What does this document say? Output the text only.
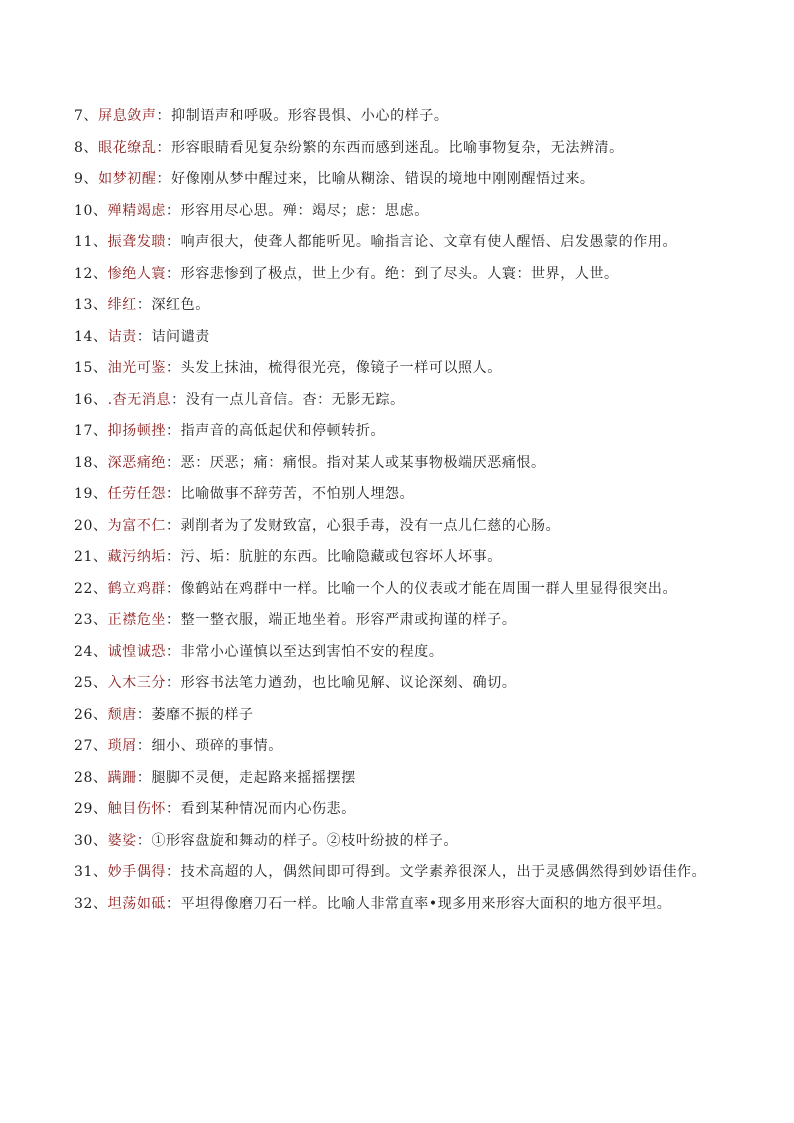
7、屏息敛声：抑制语声和呼吸。形容畏惧、小心的样子。
8、眼花缭乱：形容眼睛看见复杂纷繁的东西而感到迷乱。比喻事物复杂，无法辨清。
9、如梦初醒：好像刚从梦中醒过来，比喻从糊涂、错误的境地中刚刚醒悟过来。
10、殚精竭虑：形容用尽心思。殚：竭尽；虑：思虑。
11、振聋发聩：响声很大，使聋人都能听见。喻指言论、文章有使人醒悟、启发愚蒙的作用。
12、惨绝人寰：形容悲惨到了极点，世上少有。绝：到了尽头。人寰：世界，人世。
13、绯红：深红色。
14、诘责：诘问谴责
15、油光可鉴：头发上抹油，梳得很光亮，像镜子一样可以照人。
16、.杳无消息：没有一点儿音信。杳：无影无踪。
17、抑扬顿挫：指声音的高低起伏和停顿转折。
18、深恶痛绝：恶：厌恶；痛：痛恨。指对某人或某事物极端厌恶痛恨。
19、任劳任怨：比喻做事不辞劳苦，不怕别人埋怨。
20、为富不仁：剥削者为了发财致富，心狠手毒，没有一点儿仁慈的心肠。
21、藏污纳垢：污、垢：肮脏的东西。比喻隐藏或包容坏人坏事。
22、鹤立鸡群：像鹤站在鸡群中一样。比喻一个人的仪表或才能在周围一群人里显得很突出。
23、正襟危坐：整一整衣服，端正地坐着。形容严肃或拘谨的样子。
24、诚惶诚恐：非常小心谨慎以至达到害怕不安的程度。
25、入木三分：形容书法笔力遒劲，也比喻见解、议论深刻、确切。
26、颓唐：萎靡不振的样子
27、琐屑：细小、琐碎的事情。
28、蹒跚：腿脚不灵便，走起路来摇摇摆摆
29、触目伤怀：看到某种情况而内心伤悲。
30、婆娑：①形容盘旋和舞动的样子。②枝叶纷披的样子。
31、妙手偶得：技术高超的人，偶然间即可得到。文学素养很深人，出于灵感偶然得到妙语佳作。
32、坦荡如砥：平坦得像磨刀石一样。比喻人非常直率•现多用来形容大面积的地方很平坦。
